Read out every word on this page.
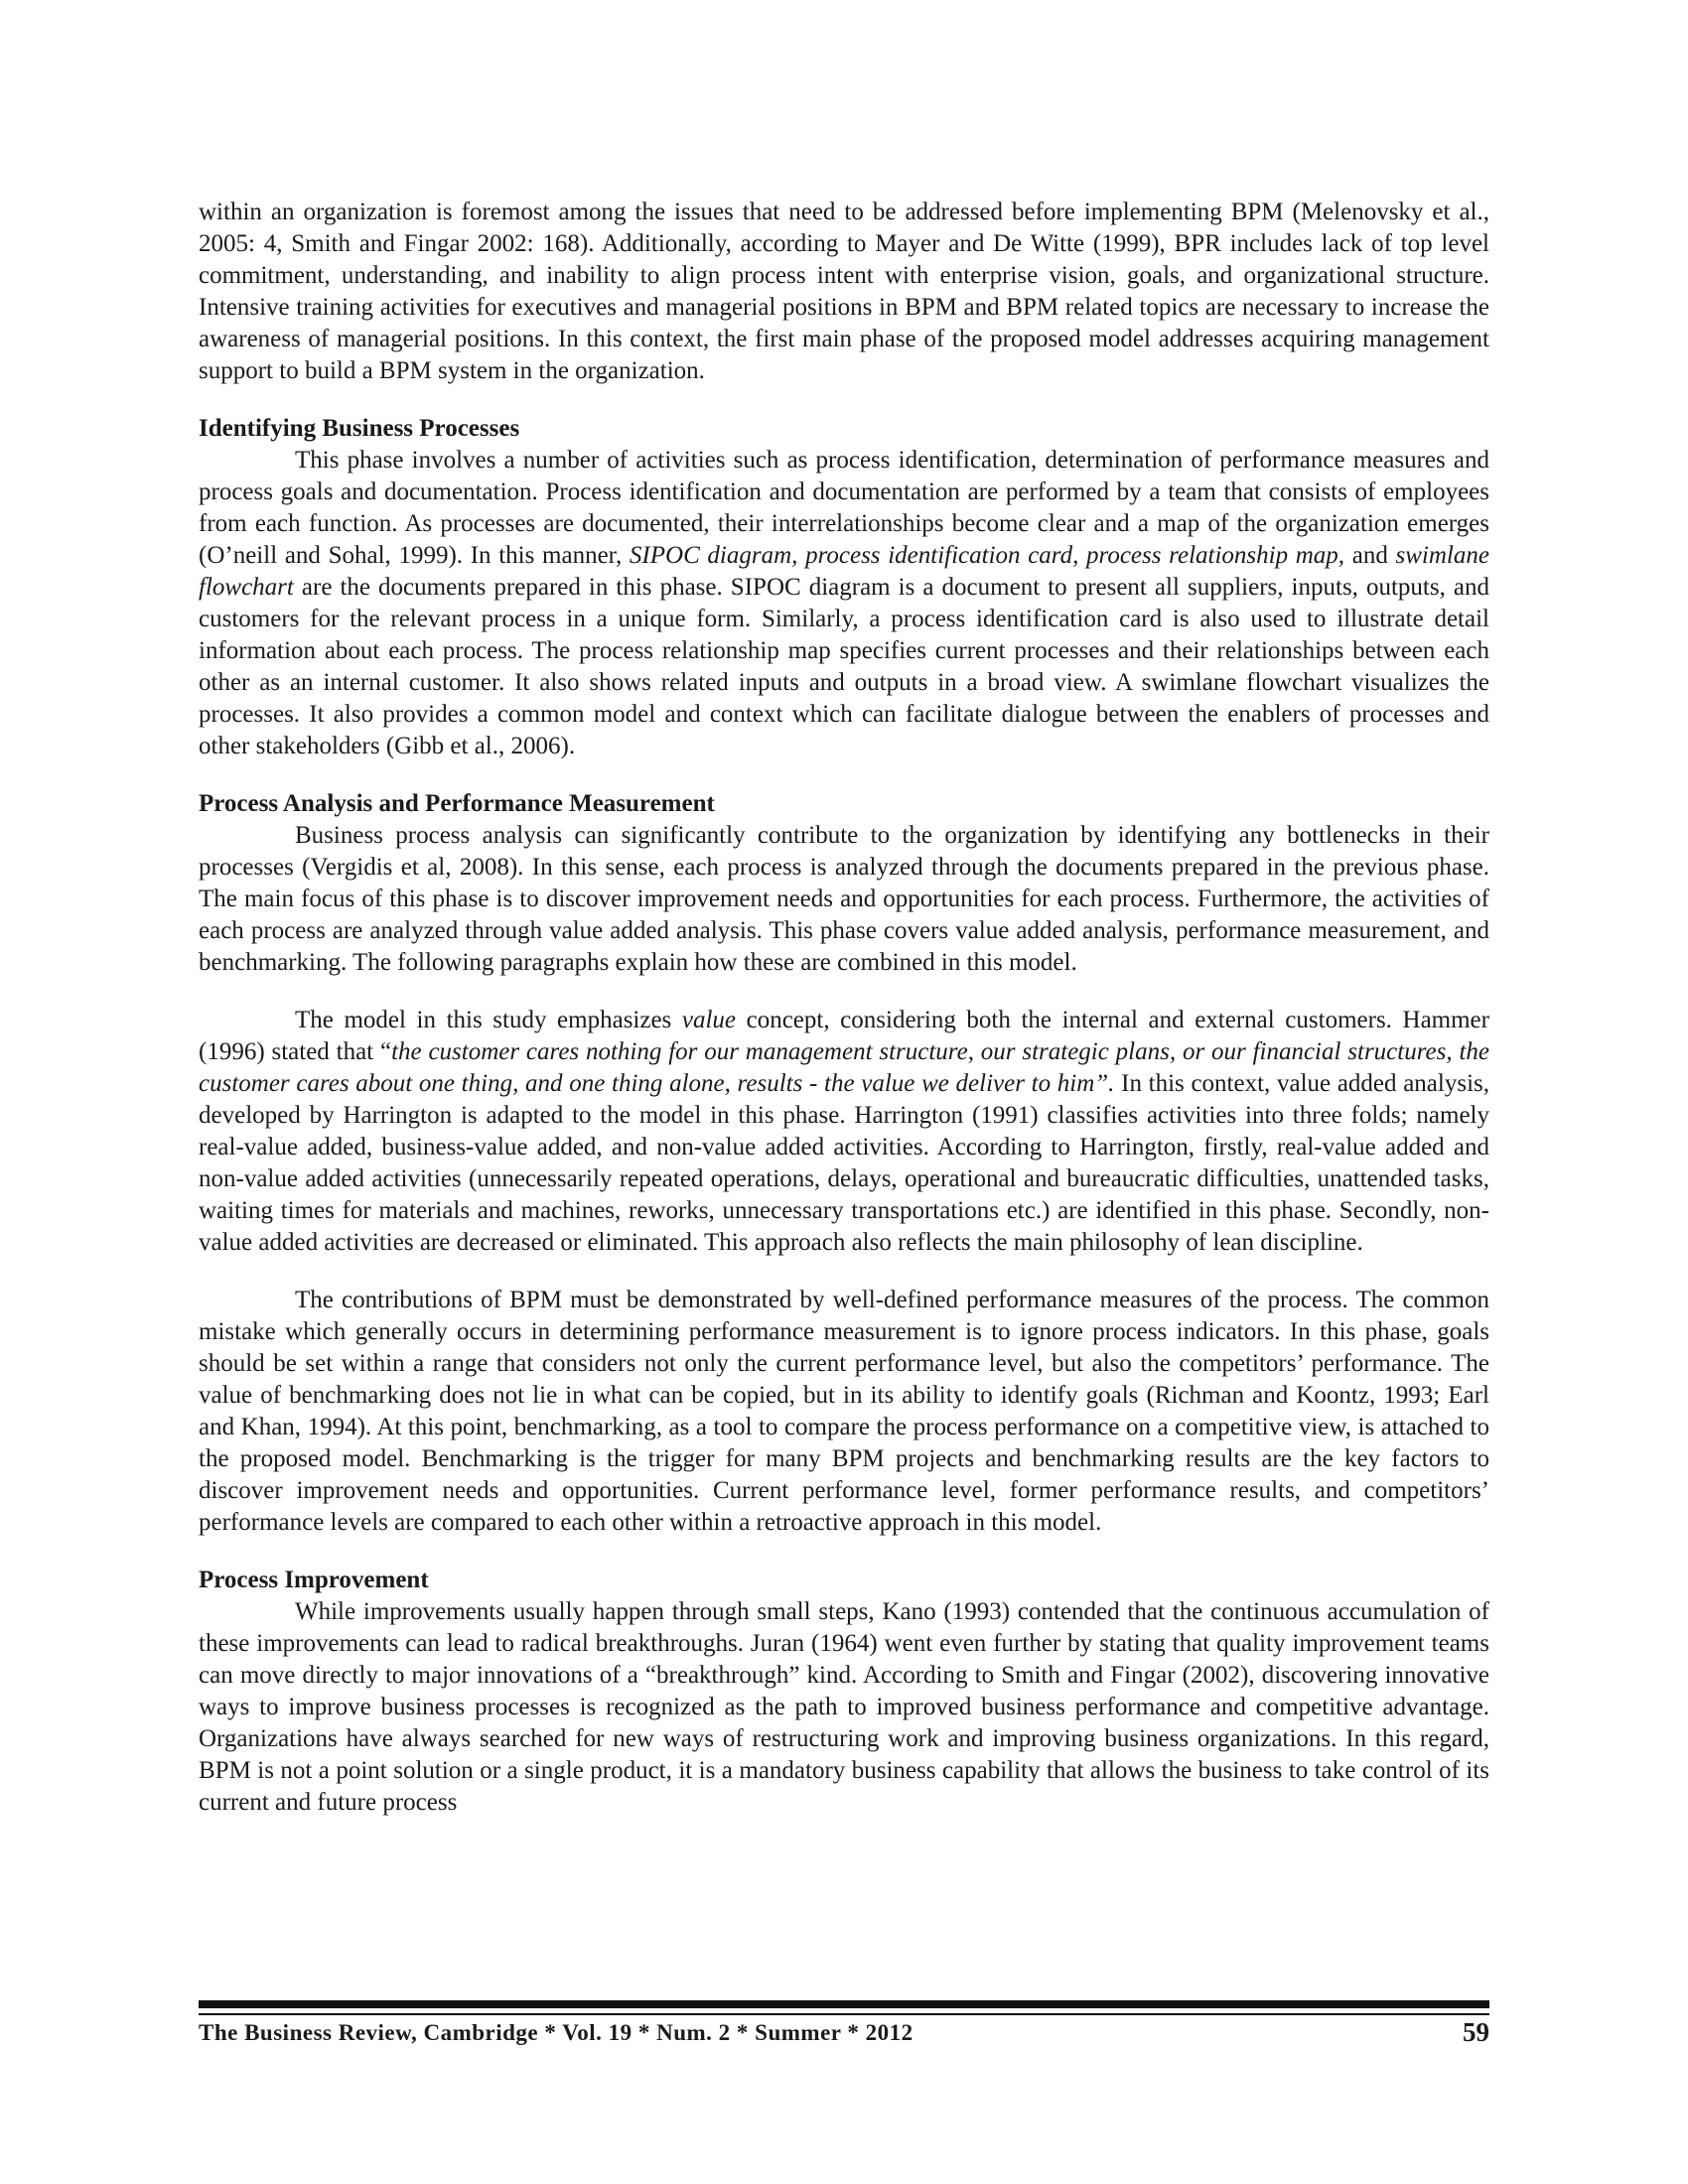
within an organization is foremost among the issues that need to be addressed before implementing BPM (Melenovsky et al., 2005: 4, Smith and Fingar 2002: 168). Additionally, according to Mayer and De Witte (1999), BPR includes lack of top level commitment, understanding, and inability to align process intent with enterprise vision, goals, and organizational structure. Intensive training activities for executives and managerial positions in BPM and BPM related topics are necessary to increase the awareness of managerial positions. In this context, the first main phase of the proposed model addresses acquiring management support to build a BPM system in the organization.

Identifying Business Processes

This phase involves a number of activities such as process identification, determination of performance measures and process goals and documentation. Process identification and documentation are performed by a team that consists of employees from each function. As processes are documented, their interrelationships become clear and a map of the organization emerges (O’neill and Sohal, 1999). In this manner, SIPOC diagram, process identification card, process relationship map, and swimlane flowchart are the documents prepared in this phase. SIPOC diagram is a document to present all suppliers, inputs, outputs, and customers for the relevant process in a unique form. Similarly, a process identification card is also used to illustrate detail information about each process. The process relationship map specifies current processes and their relationships between each other as an internal customer. It also shows related inputs and outputs in a broad view. A swimlane flowchart visualizes the processes. It also provides a common model and context which can facilitate dialogue between the enablers of processes and other stakeholders (Gibb et al., 2006).

Process Analysis and Performance Measurement

Business process analysis can significantly contribute to the organization by identifying any bottlenecks in their processes (Vergidis et al, 2008). In this sense, each process is analyzed through the documents prepared in the previous phase. The main focus of this phase is to discover improvement needs and opportunities for each process. Furthermore, the activities of each process are analyzed through value added analysis. This phase covers value added analysis, performance measurement, and benchmarking. The following paragraphs explain how these are combined in this model.

The model in this study emphasizes value concept, considering both the internal and external customers. Hammer (1996) stated that “the customer cares nothing for our management structure, our strategic plans, or our financial structures, the customer cares about one thing, and one thing alone, results - the value we deliver to him”. In this context, value added analysis, developed by Harrington is adapted to the model in this phase. Harrington (1991) classifies activities into three folds; namely real-value added, business-value added, and non-value added activities. According to Harrington, firstly, real-value added and non-value added activities (unnecessarily repeated operations, delays, operational and bureaucratic difficulties, unattended tasks, waiting times for materials and machines, reworks, unnecessary transportations etc.) are identified in this phase. Secondly, non-value added activities are decreased or eliminated. This approach also reflects the main philosophy of lean discipline.

The contributions of BPM must be demonstrated by well-defined performance measures of the process. The common mistake which generally occurs in determining performance measurement is to ignore process indicators. In this phase, goals should be set within a range that considers not only the current performance level, but also the competitors’ performance. The value of benchmarking does not lie in what can be copied, but in its ability to identify goals (Richman and Koontz, 1993; Earl and Khan, 1994). At this point, benchmarking, as a tool to compare the process performance on a competitive view, is attached to the proposed model. Benchmarking is the trigger for many BPM projects and benchmarking results are the key factors to discover improvement needs and opportunities. Current performance level, former performance results, and competitors’ performance levels are compared to each other within a retroactive approach in this model.

Process Improvement

While improvements usually happen through small steps, Kano (1993) contended that the continuous accumulation of these improvements can lead to radical breakthroughs. Juran (1964) went even further by stating that quality improvement teams can move directly to major innovations of a “breakthrough” kind. According to Smith and Fingar (2002), discovering innovative ways to improve business processes is recognized as the path to improved business performance and competitive advantage. Organizations have always searched for new ways of restructuring work and improving business organizations. In this regard, BPM is not a point solution or a single product, it is a mandatory business capability that allows the business to take control of its current and future process

The Business Review, Cambridge * Vol. 19 * Num. 2 * Summer * 2012	59
